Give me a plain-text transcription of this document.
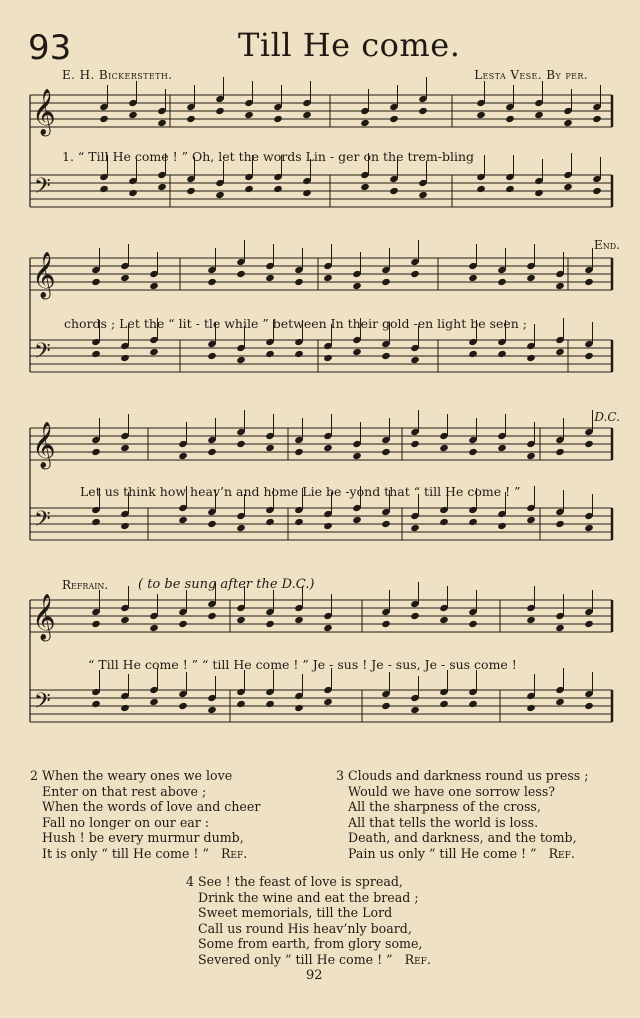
93	Till He come.
E. H. Bickersteth.	Lesta Vese. By per.
𝄞
𝄢
𝄞
𝄢
𝄞
𝄢
𝄞
𝄢
End.
D.C.
1. “ Till He come ! ” Oh, let the words Lin - ger on the trem-bling
chords ; Let the “ lit - tle while ” between In their gold -en light be seen ;
Let us think how heav’n and home Lie be -yond that “ till He come ! ”
Refrain. ( to be sung after the D.C.)
“ Till He come ! ” “ till He come ! ” Je - sus ! Je - sus, Je - sus come !
2 When the weary ones we love
Enter on that rest above ;
When the words of love and cheer
Fall no longer on our ear :
Hush ! be every murmur dumb,
It is only “ till He come ! ” Ref.
3 Clouds and darkness round us press ;
Would we have one sorrow less?
All the sharpness of the cross,
All that tells the world is loss.
Death, and darkness, and the tomb,
Pain us only “ till He come ! ” Ref.
4 See ! the feast of love is spread,
Drink the wine and eat the bread ;
Sweet memorials, till the Lord
Call us round His heav’nly board,
Some from earth, from glory some,
Severed only “ till He come ! ” Ref.
92
